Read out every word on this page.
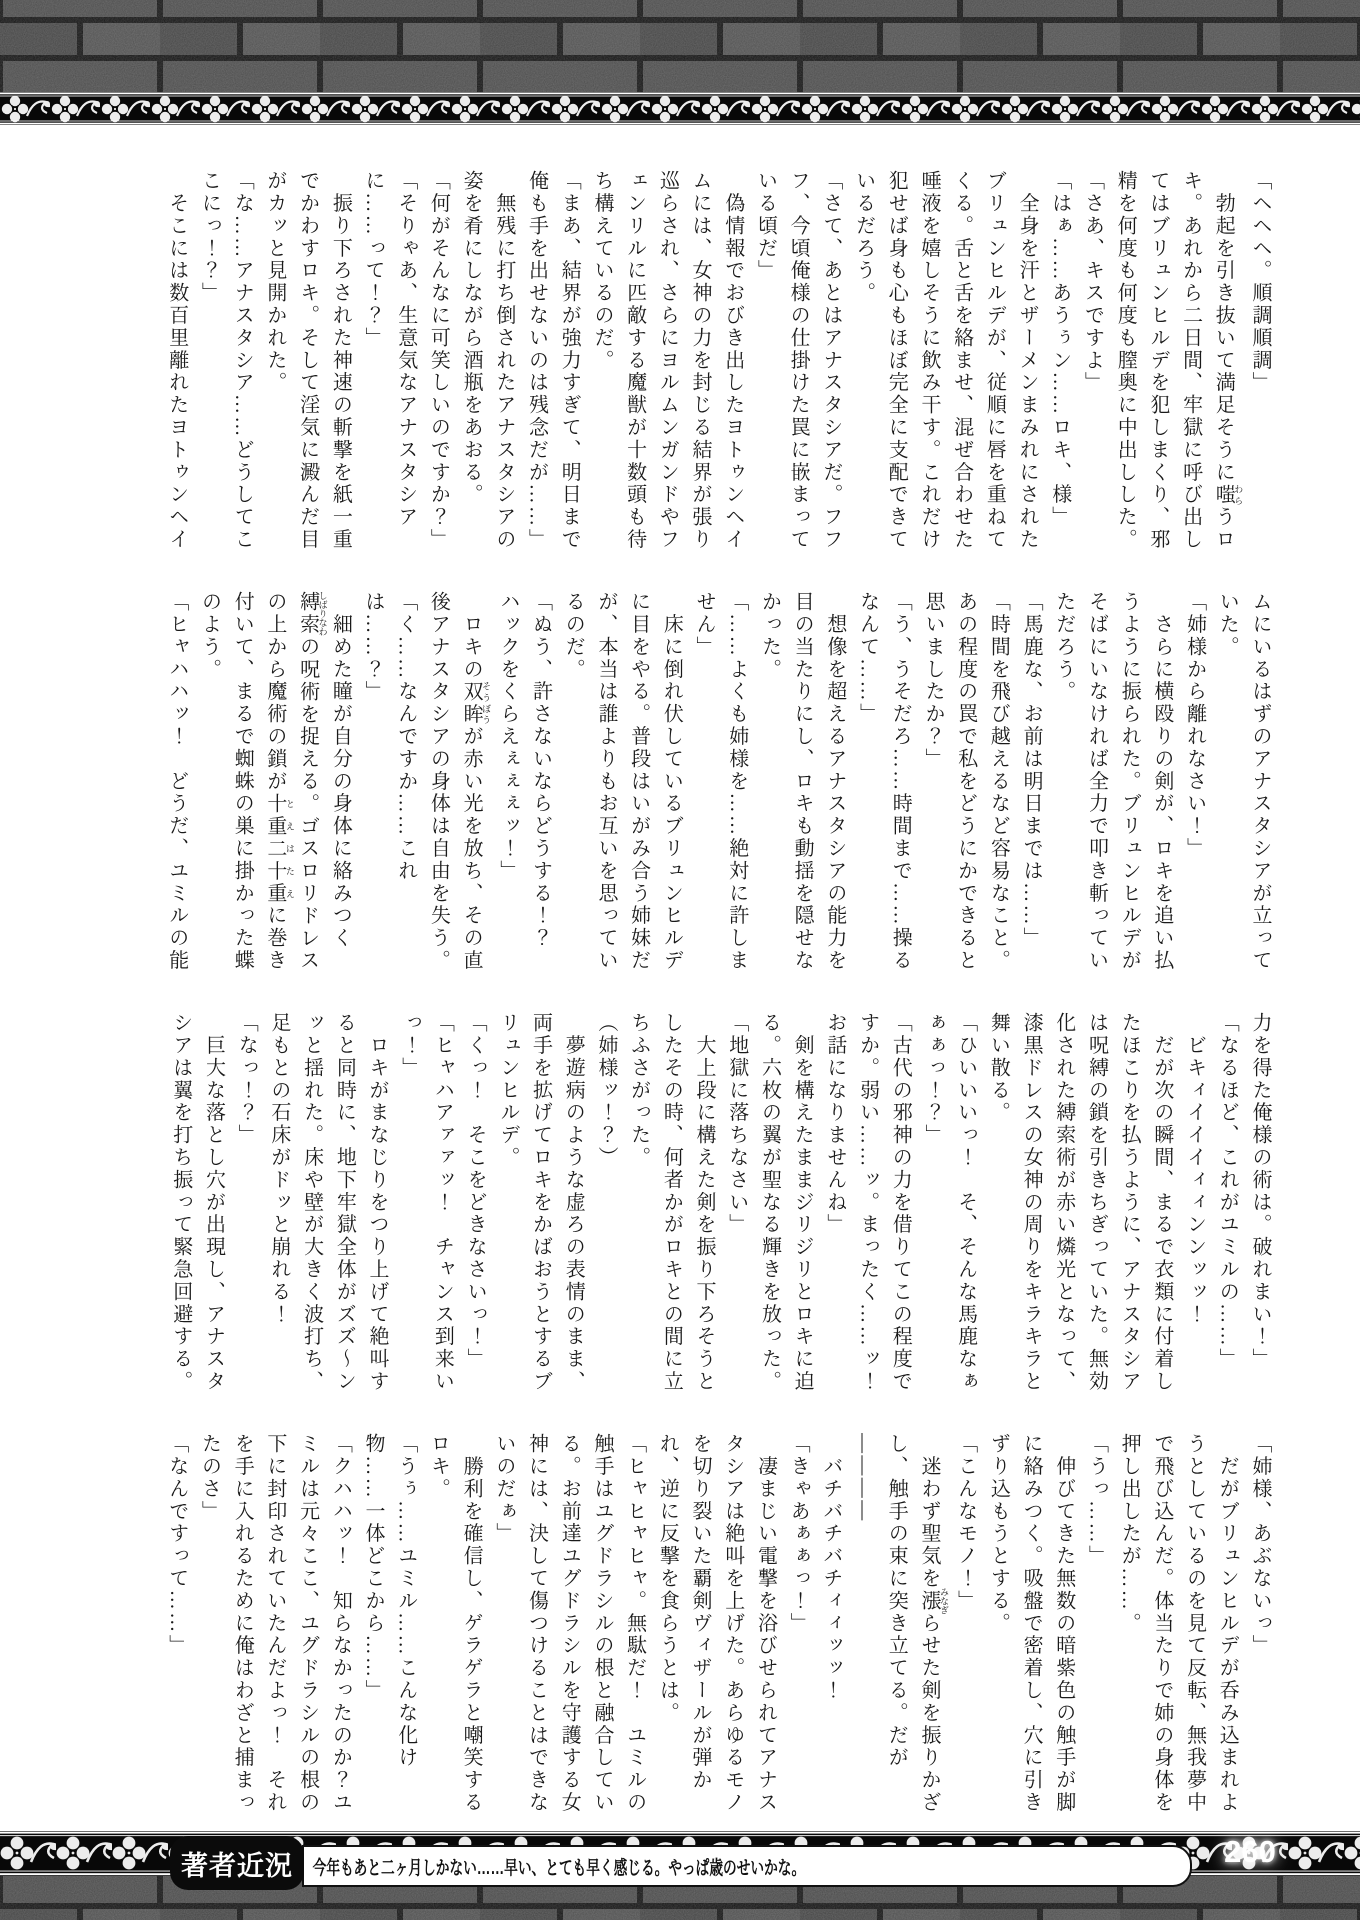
「ヘヘヘ。順調順調」

　勃起を引き抜いて満足そうに嗤 わらうロキ。あれから二日間、牢獄に呼び出してはブリュンヒルデを犯しまくり、邪精を何度も何度も膣奥に中出しした。

「さあ、キスですよ」

「はぁ……あうぅン……ロキ、様」

　全身を汗とザーメンまみれにされたブリュンヒルデが、従順に唇を重ねてくる。舌と舌を絡ませ、混ぜ合わせた唾液を嬉しそうに飲み干す。これだけ犯せば身も心もほぼ完全に支配できているだろう。

「さて、あとはアナスタシアだ。フフフ、今頃俺様の仕掛けた罠に嵌まっている頃だ」

　偽情報でおびき出したヨトゥンヘイムには、女神の力を封じる結界が張り巡らされ、さらにヨルムンガンドやフェンリルに匹敵する魔獣が十数頭も待ち構えているのだ。

「まあ、結界が強力すぎて、明日まで俺も手を出せないのは残念だが……」

　無残に打ち倒されたアナスタシアの姿を肴にしながら酒瓶をあおる。

「何がそんなに可笑しいのですか？」

「そりゃあ、生意気なアナスタシアに……って！？」

　振り下ろされた神速の斬撃を紙一重でかわすロキ。そして淫気に澱んだ目がカッと見開かれた。

「な……アナスタシア……どうしてここにっ！？」

　そこには数百里離れたヨトゥンヘイ

ムにいるはずのアナスタシアが立っていた。

「姉様から離れなさい！」

　さらに横殴りの剣が、ロキを追い払うように振られた。ブリュンヒルデがそばにいなければ全力で叩き斬っていただろう。

「馬鹿な、お前は明日までは……」

「時間を飛び越えるなど容易なこと。あの程度の罠で私をどうにかできると思いましたか？」

「う、うそだろ……時間まで……操るなんて……」

　想像を超えるアナスタシアの能力を目の当たりにし、ロキも動揺を隠せなかった。

「……よくも姉様を……絶対に許しません」

　床に倒れ伏しているブリュンヒルデに目をやる。普段はいがみ合う姉妹だが、本当は誰よりもお互いを思っているのだ。

「ぬう、許さないならどうする！？　ハックをくらえぇぇぇッ！」

　ロキの双眸 そうぼうが赤い光を放ち、その直後アナスタシアの身体は自由を失う。

「く……なんですか……これは……？」

　細めた瞳が自分の身体に絡みつく縛索 しばりなわの呪術を捉える。ゴスロリドレスの上から魔術の鎖が十重二十重 とえはたえに巻き付いて、まるで蜘蛛の巣に掛かった蝶のよう。

「ヒャハハッ！　どうだ、ユミルの能

力を得た俺様の術は。破れまい！」

「なるほど、これがユミルの……」

　ビキィイイイィィンンッッ！

　だが次の瞬間、まるで衣類に付着したほこりを払うように、アナスタシアは呪縛の鎖を引きちぎっていた。無効化された縛索術が赤い燐光となって、漆黒ドレスの女神の周りをキラキラと舞い散る。

「ひいいいっ！　そ、そんな馬鹿なぁぁぁっ！？」

「古代の邪神の力を借りてこの程度ですか。弱い……ッ。まったく……ッ！お話になりませんね」

　剣を構えたままジリジリとロキに迫る。六枚の翼が聖なる輝きを放った。

「地獄に落ちなさい」

　大上段に構えた剣を振り下ろそうとしたその時、何者かがロキとの間に立ちふさがった。

（姉様ッ！？）

　夢遊病のような虚ろの表情のまま、両手を拡げてロキをかばおうとするブリュンヒルデ。

「くっ！　そこをどきなさいっ！」

「ヒャハアァァッ！　チャンス到来いっ！」

　ロキがまなじりをつり上げて絶叫すると同時に、地下牢獄全体がズズ〜ンッと揺れた。床や壁が大きく波打ち、足もとの石床がドッと崩れる！

「なっ！？」

　巨大な落とし穴が出現し、アナスタシアは翼を打ち振って緊急回避する。

「姉様、あぶないっ」

　だがブリュンヒルデが呑み込まれようとしているのを見て反転、無我夢中で飛び込んだ。体当たりで姉の身体を押し出したが……。

「うっ……」

　伸びてきた無数の暗紫色の触手が脚に絡みつく。吸盤で密着し、穴に引きずり込もうとする。

「こんなモノ！」

　迷わず聖気を漲 みなぎらせた剣を振りかざし、触手の束に突き立てる。だが

――――

　バチバチバチィィッッ！

「きゃあぁぁっ！」

　凄まじい電撃を浴びせられてアナスタシアは絶叫を上げた。あらゆるモノを切り裂いた覇剣ヴィザールが弾かれ、逆に反撃を食らうとは。

「ヒャヒャヒャ。無駄だ！　ユミルの触手はユグドラシルの根と融合している。お前達ユグドラシルを守護する女神には、決して傷つけることはできないのだぁ」

　勝利を確信し、ゲラゲラと嘲笑するロキ。

「うぅ……ユミル……こんな化け物……一体どこから……」

「クハハッ！　知らなかったのか？ユミルは元々ここ、ユグドラシルの根の下に封印されていたんだよっ！　それを手に入れるために俺はわざと捕まったのさ」

「なんですって……」

著者近況	今年もあと二ヶ月しかない……早い、とても早く感じる。やっぱ歳のせいかな。	260
